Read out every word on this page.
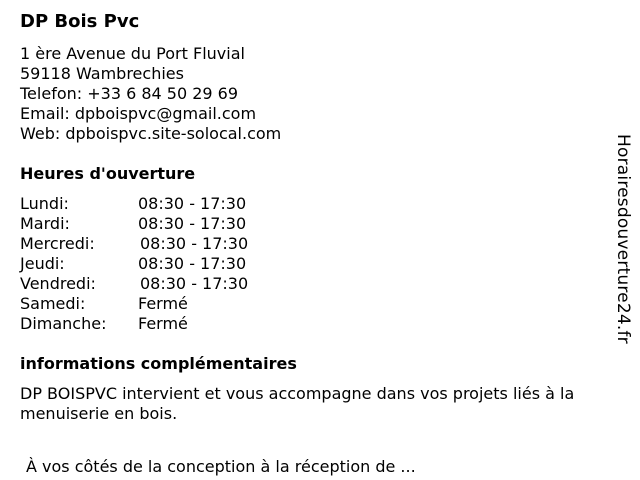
DP Bois Pvc
1 ère Avenue du Port Fluvial
59118 Wambrechies
Telefon: +33 6 84 50 29 69
Email: dpboispvc@gmail.com
Web: dpboispvc.site-solocal.com
Heures d'ouverture
Lundi:	08:30 - 17:30
Mardi:	08:30 - 17:30
Mercredi:	08:30 - 17:30
Jeudi:	08:30 - 17:30
Vendredi:	08:30 - 17:30
Samedi:	Fermé
Dimanche: Fermé
informations complémentaires

DP BOISPVC intervient et vous accompagne dans vos projets liés à la menuiserie en bois.

À vos côtés de la conception à la réception de ...

Horairesdouverture24.fr
